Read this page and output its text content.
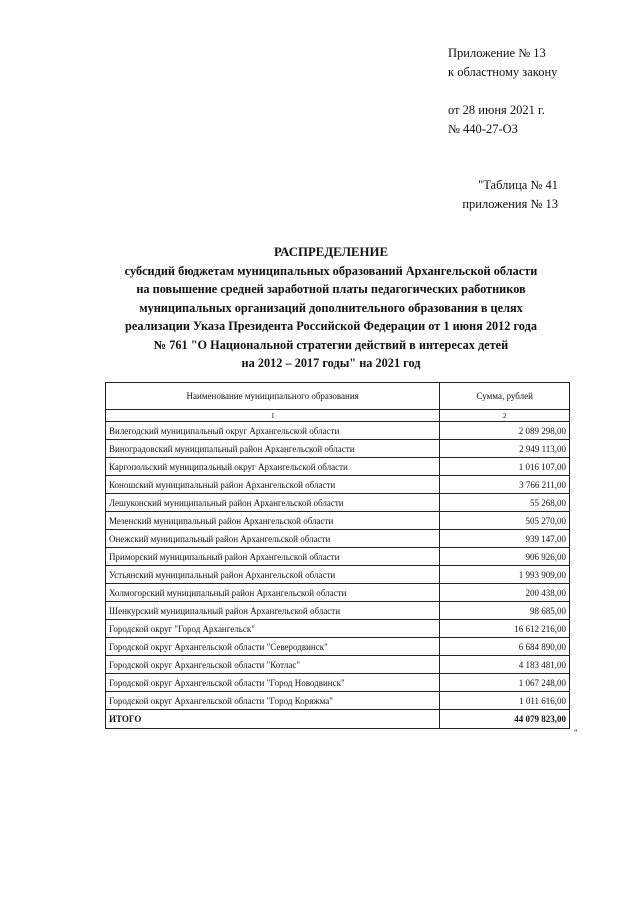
Приложение № 13
к областному закону
от 28 июня 2021 г.
№ 440-27-ОЗ
"Таблица № 41
приложения № 13
РАСПРЕДЕЛЕНИЕ
субсидий бюджетам муниципальных образований Архангельской области
на повышение средней заработной платы педагогических работников
муниципальных организаций дополнительного образования в целях
реализации Указа Президента Российской Федерации от 1 июня 2012 года
№ 761 "О Национальной стратегии действий в интересах детей
на 2012 – 2017 годы" на 2021 год
Наименование муниципального образования	Сумма, рублей
1	2
Вилегодский муниципальный округ Архангельской области	2 089 298,00
Виноградовский муниципальный район Архангельской области	2 949 113,00
Каргопольский муниципальный округ Архангельской области	1 016 107,00
Коношский муниципальный район Архангельской области	3 766 211,00
Лешуконский муниципальный район Архангельской области	55 268,00
Мезенский муниципальный район Архангельской области	505 270,00
Онежский муниципальный район Архангельской области	939 147,00
Приморский муниципальный район Архангельской области	906 926,00
Устьянский муниципальный район Архангельской области	1 993 909,00
Холмогорский муниципальный район Архангельской области	200 438,00
Шенкурский муниципальный район Архангельской области	98 685,00
Городской округ "Город Архангельск"	16 612 216,00
Городской округ Архангельской области "Северодвинск"	6 684 890,00
Городской округ Архангельской области "Котлас"	4 183 481,00
Городской округ Архангельской области "Город Новодвинск"	1 067 248,00
Городской округ Архангельской области "Город Коряжма"	1 011 616,00
ИТОГО	44 079 823,00
"
